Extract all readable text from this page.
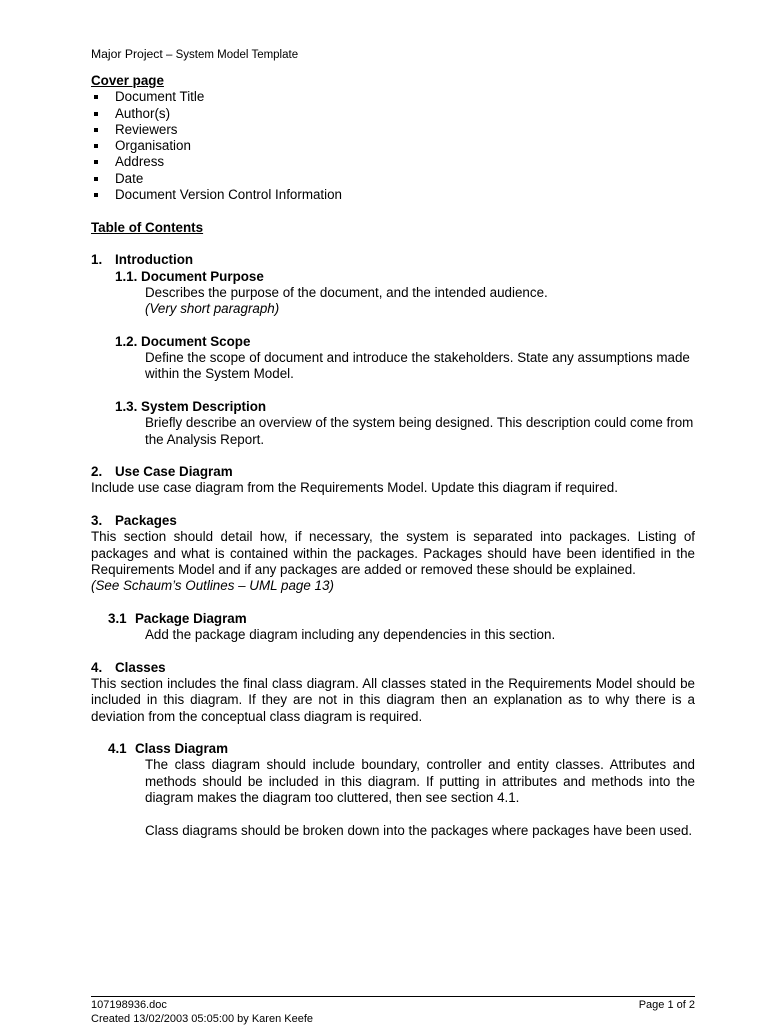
Major Project – System Model Template
Cover page
Document Title
Author(s)
Reviewers
Organisation
Address
Date
Document Version Control Information
Table of Contents
1. Introduction
1.1. Document Purpose
Describes the purpose of the document, and the intended audience.
(Very short paragraph)
1.2. Document Scope
Define the scope of document and introduce the stakeholders. State any assumptions made within the System Model.
1.3. System Description
Briefly describe an overview of the system being designed. This description could come from the Analysis Report.
2. Use Case Diagram
Include use case diagram from the Requirements Model. Update this diagram if required.
3. Packages
This section should detail how, if necessary, the system is separated into packages. Listing of packages and what is contained within the packages. Packages should have been identified in the Requirements Model and if any packages are added or removed these should be explained.
(See Schaum’s Outlines – UML page 13)
3.1 Package Diagram
Add the package diagram including any dependencies in this section.
4. Classes
This section includes the final class diagram. All classes stated in the Requirements Model should be included in this diagram. If they are not in this diagram then an explanation as to why there is a deviation from the conceptual class diagram is required.
4.1 Class Diagram
The class diagram should include boundary, controller and entity classes. Attributes and methods should be included in this diagram. If putting in attributes and methods into the diagram makes the diagram too cluttered, then see section 4.1.
Class diagrams should be broken down into the packages where packages have been used.
107198936.doc	Page 1 of 2
Created 13/02/2003 05:05:00 by Karen Keefe
